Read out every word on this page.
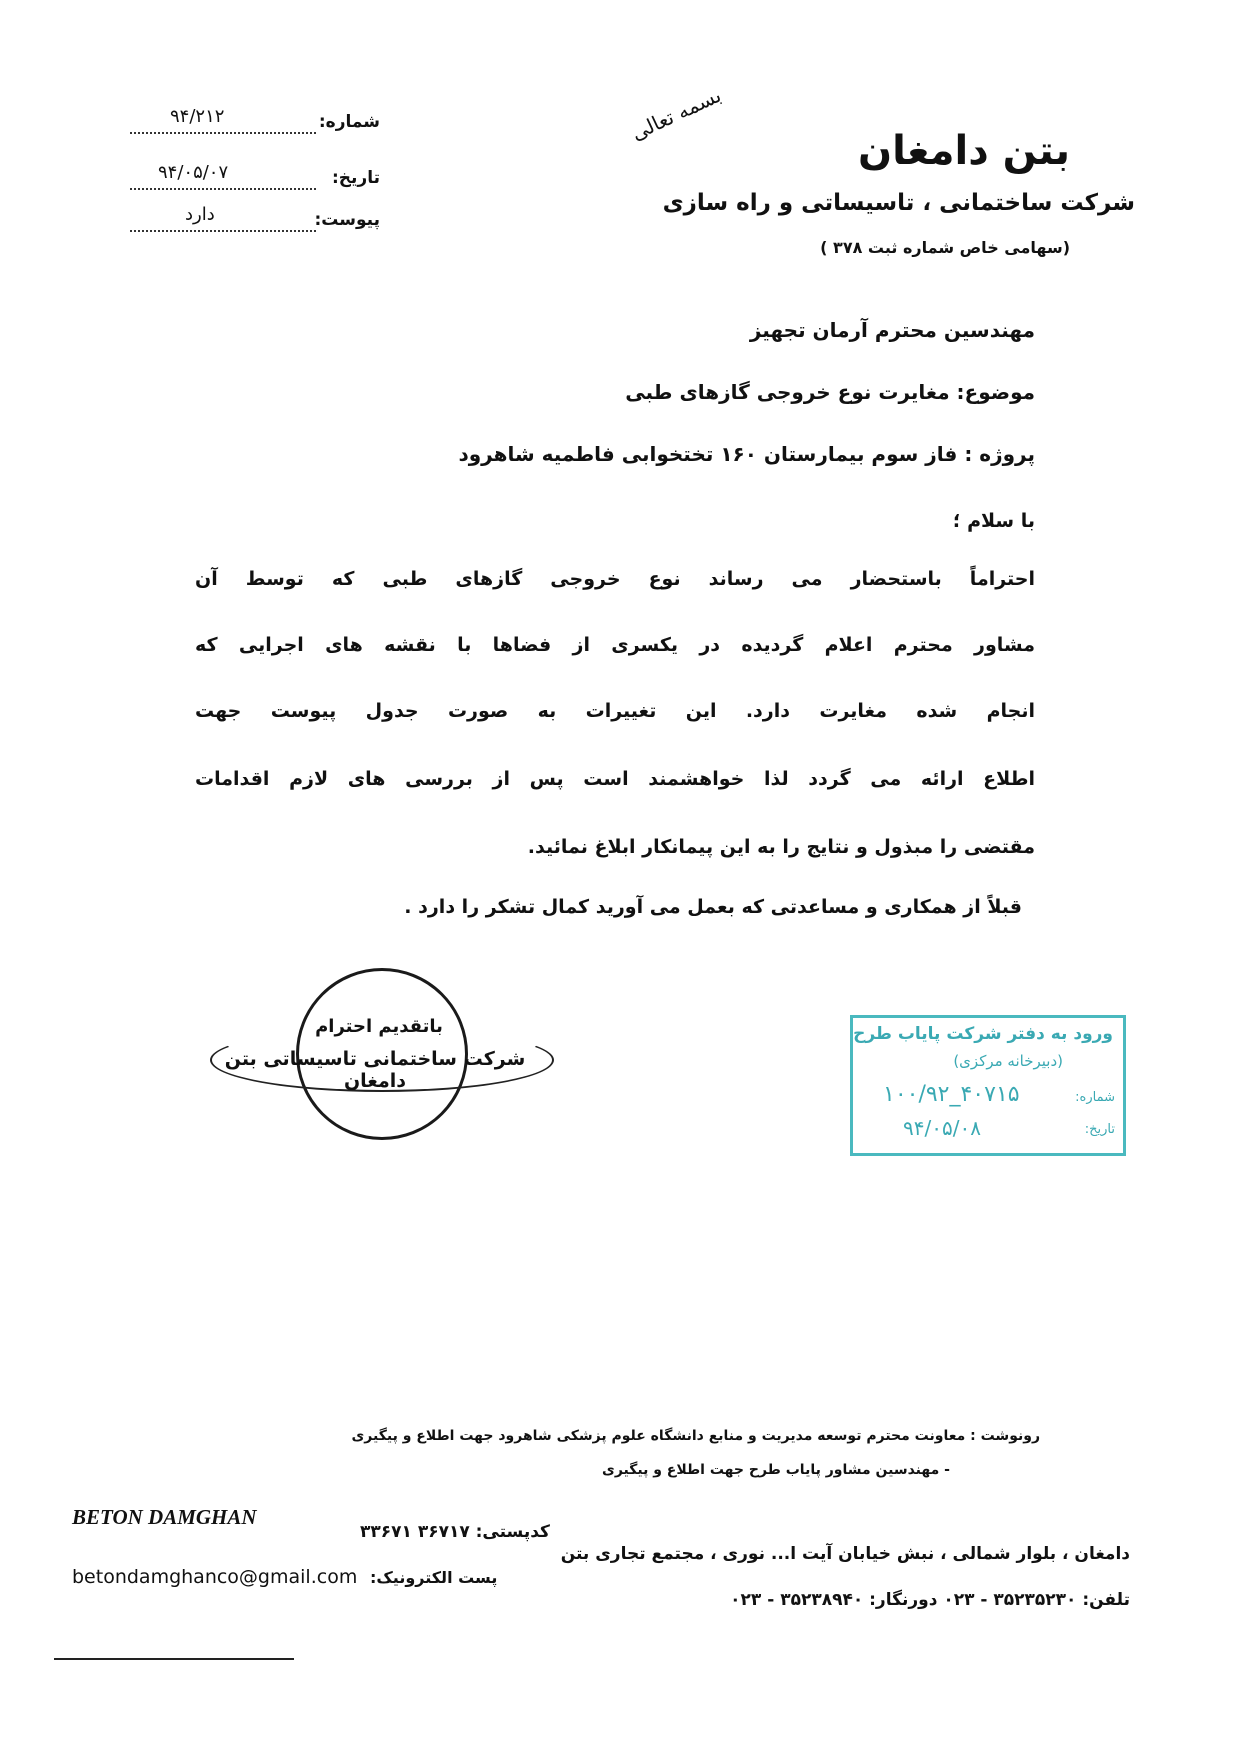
شماره:
۹۴/۲۱۲
تاریخ:
۹۴/۰۵/۰۷
پیوست:
دارد
بسمه تعالی
بتن دامغان
شرکت ساختمانی ، تاسیساتی و راه سازی
(سهامی خاص شماره ثبت ۳۷۸ )
مهندسین محترم آرمان تجهیز
موضوع: مغایرت نوع خروجی گازهای طبی
پروژه : فاز سوم بیمارستان ۱۶۰ تختخوابی فاطمیه شاهرود
با سلام ؛
احتراماً باستحضار می رساند نوع خروجی گازهای طبی که توسط آن
مشاور محترم اعلام گردیده در یکسری از فضاها با نقشه های اجرایی که
انجام شده مغایرت دارد. این تغییرات به صورت جدول پیوست جهت
اطلاع ارائه می گردد لذا خواهشمند است پس از بررسی های لازم اقدامات
مقتضی را مبذول و نتایج را به این پیمانکار ابلاغ نمائید.
قبلاً از همکاری و مساعدتی که بعمل می آورید کمال تشکر را دارد .
باتقدیم احترام
شرکت ساختمانی تاسیساتی بتن دامغان
ورود به دفتر شرکت پایاب طرح
(دبیرخانه مرکزی)
شماره:
۱۰۰/۹۲_۴۰۷۱۵
تاریخ:
۹۴/۰۵/۰۸
رونوشت : معاونت محترم توسعه مدیریت و منابع دانشگاه علوم پزشکی شاهرود جهت اطلاع و پیگیری
- مهندسین مشاور پایاب طرح جهت اطلاع و پیگیری
BETON DAMGHAN
کدپستی: ۳۶۷۱۷ ۳۳۶۷۱
دامغان ، بلوار شمالی ، نبش خیابان آیت ا... نوری ، مجتمع تجاری بتن
betondamghanco@gmail.com پست الکترونیک:
تلفن: ۳۵۲۳۵۲۳۰ - ۰۲۳ دورنگار: ۳۵۲۳۸۹۴۰ - ۰۲۳
